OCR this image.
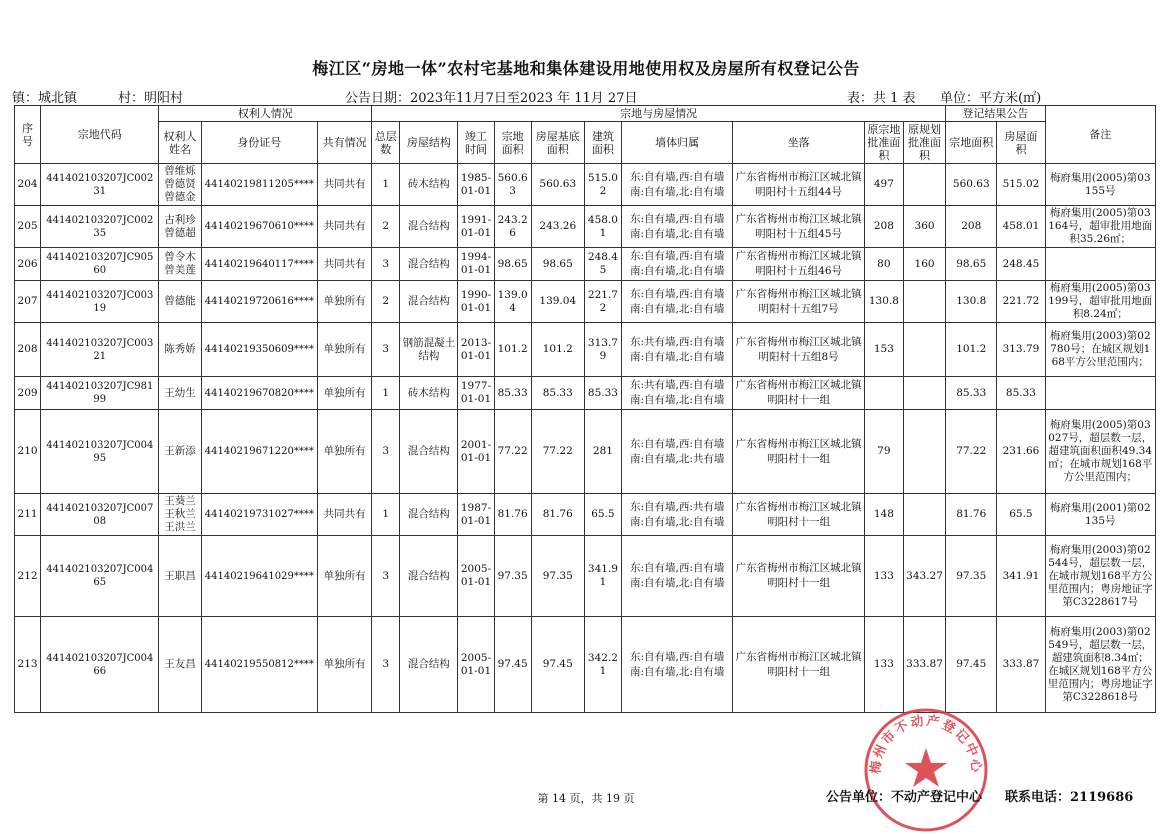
梅江区“房地一体”农村宅基地和集体建设用地使用权及房屋所有权登记公告
镇：城北镇	村：明阳村	公告日期：2023年11月7日至2023 年 11月 27日	表：共 1 表 单位：平方米(㎡)
序号	宗地代码	权利人情况			宗地与房屋情况										登记结果公告		备注
		权利人姓名	身份证号	共有情况	总层数	房屋结构	竣工时间	宗地面积	房屋基底面积	建筑面积	墙体归属	坐落	原宗地批准面积	原规划批准面积	宗地面积	房屋面积	
204	441402103207JC00231	曾维烁 曾德贤 曾德金	44140219811205****	共同共有	1	砖木结构	1985-01-01	560.63	560.63	515.02	东:自有墙,西:自有墙 南:自有墙,北:自有墙	广东省梅州市梅江区城北镇明阳村十五组44号	497		560.63	515.02	梅府集用(2005)第03155号
205	441402103207JC00235	古利珍 曾德超	44140219670610****	共同共有	2	混合结构	1991-01-01	243.26	243.26	458.01	东:自有墙,西:自有墙 南:自有墙,北:自有墙	广东省梅州市梅江区城北镇明阳村十五组45号	208	360	208	458.01	梅府集用(2005)第03164号，超审批用地面积35.26㎡；
206	441402103207JC90560	曾令木 曾美莲	44140219640117****	共同共有	3	混合结构	1994-01-01	98.65	98.65	248.45	东:自有墙,西:自有墙 南:自有墙,北:自有墙	广东省梅州市梅江区城北镇明阳村十五组46号	80	160	98.65	248.45	
207	441402103207JC00319	曾德能	44140219720616****	单独所有	2	混合结构	1990-01-01	139.04	139.04	221.72	东:自有墙,西:自有墙 南:自有墙,北:自有墙	广东省梅州市梅江区城北镇明阳村十五组7号	130.8		130.8	221.72	梅府集用(2005)第03199号，超审批用地面积8.24㎡；
208	441402103207JC00321	陈秀娇	44140219350609****	单独所有	3	钢筋混凝土结构	2013-01-01	101.2	101.2	313.79	东:共有墙,西:自有墙 南:自有墙,北:自有墙	广东省梅州市梅江区城北镇明阳村十五组8号	153		101.2	313.79	梅府集用(2003)第02780号；在城区规划168平方公里范围内；
209	441402103207JC98199	王幼生	44140219670820****	单独所有	1	砖木结构	1977-01-01	85.33	85.33	85.33	东:共有墙,西:自有墙 南:自有墙,北:自有墙	广东省梅州市梅江区城北镇明阳村十一组			85.33	85.33	
210	441402103207JC00495	王新添	44140219671220****	单独所有	3	混合结构	2001-01-01	77.22	77.22	281	东:自有墙,西:自有墙 南:自有墙,北:共有墙	广东省梅州市梅江区城北镇明阳村十一组	79		77.22	231.66	梅府集用(2005)第03027号，超层数一层，超建筑面积面积49.34㎡；在城市规划168平方公里范围内；
211	441402103207JC00708	王葵兰 王秋兰 王洪兰	44140219731027****	共同共有	1	混合结构	1987-01-01	81.76	81.76	65.5	东:自有墙,西:共有墙 南:自有墙,北:自有墙	广东省梅州市梅江区城北镇明阳村十一组	148		81.76	65.5	梅府集用(2001)第02135号
212	441402103207JC00465	王职昌	44140219641029****	单独所有	3	混合结构	2005-01-01	97.35	97.35	341.91	东:自有墙,西:自有墙 南:自有墙,北:自有墙	广东省梅州市梅江区城北镇明阳村十一组	133	343.27	97.35	341.91	梅府集用(2003)第02544号，超层数一层，在城市规划168平方公里范围内；粤房地证字第C3228617号
213	441402103207JC00466	王友昌	44140219550812****	单独所有	3	混合结构	2005-01-01	97.45	97.45	342.21	东:自有墙,西:自有墙 南:自有墙,北:自有墙	广东省梅州市梅江区城北镇明阳村十一组	133	333.87	97.45	333.87	梅府集用(2003)第02549号，超层数一层，超建筑面积8.34㎡；在城区规划168平方公里范围内；粤房地证字第C3228618号
梅州市不动产登记中心
第 14 页，共 19 页	公告单位：不动产登记中心 联系电话：2119686
